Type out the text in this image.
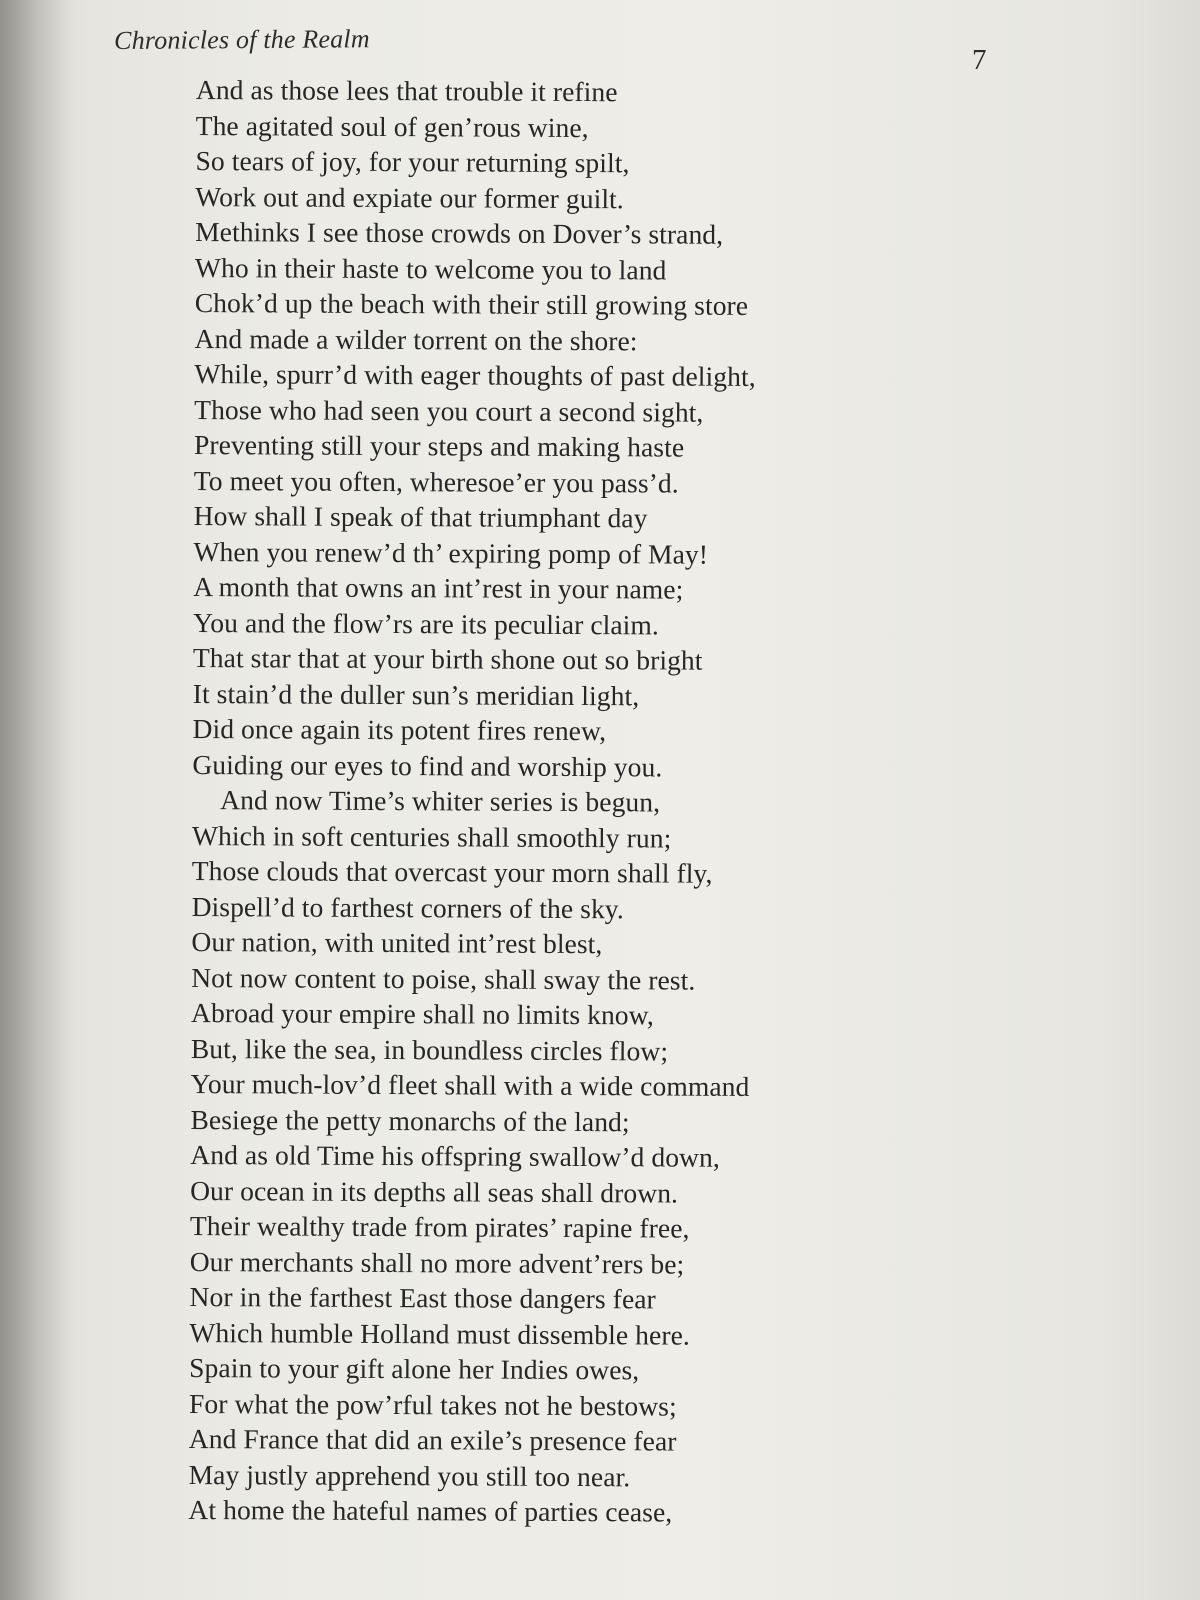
Chronicles of the Realm
7
And as those lees that trouble it refine
The agitated soul of gen’rous wine,
So tears of joy, for your returning spilt,
Work out and expiate our former guilt.
Methinks I see those crowds on Dover’s strand,
Who in their haste to welcome you to land
Chok’d up the beach with their still growing store
And made a wilder torrent on the shore:
While, spurr’d with eager thoughts of past delight,
Those who had seen you court a second sight,
Preventing still your steps and making haste
To meet you often, wheresoe’er you pass’d.
How shall I speak of that triumphant day
When you renew’d th’ expiring pomp of May!
A month that owns an int’rest in your name;
You and the flow’rs are its peculiar claim.
That star that at your birth shone out so bright
It stain’d the duller sun’s meridian light,
Did once again its potent fires renew,
Guiding our eyes to find and worship you.
And now Time’s whiter series is begun,
Which in soft centuries shall smoothly run;
Those clouds that overcast your morn shall fly,
Dispell’d to farthest corners of the sky.
Our nation, with united int’rest blest,
Not now content to poise, shall sway the rest.
Abroad your empire shall no limits know,
But, like the sea, in boundless circles flow;
Your much-lov’d fleet shall with a wide command
Besiege the petty monarchs of the land;
And as old Time his offspring swallow’d down,
Our ocean in its depths all seas shall drown.
Their wealthy trade from pirates’ rapine free,
Our merchants shall no more advent’rers be;
Nor in the farthest East those dangers fear
Which humble Holland must dissemble here.
Spain to your gift alone her Indies owes,
For what the pow’rful takes not he bestows;
And France that did an exile’s presence fear
May justly apprehend you still too near.
At home the hateful names of parties cease,
